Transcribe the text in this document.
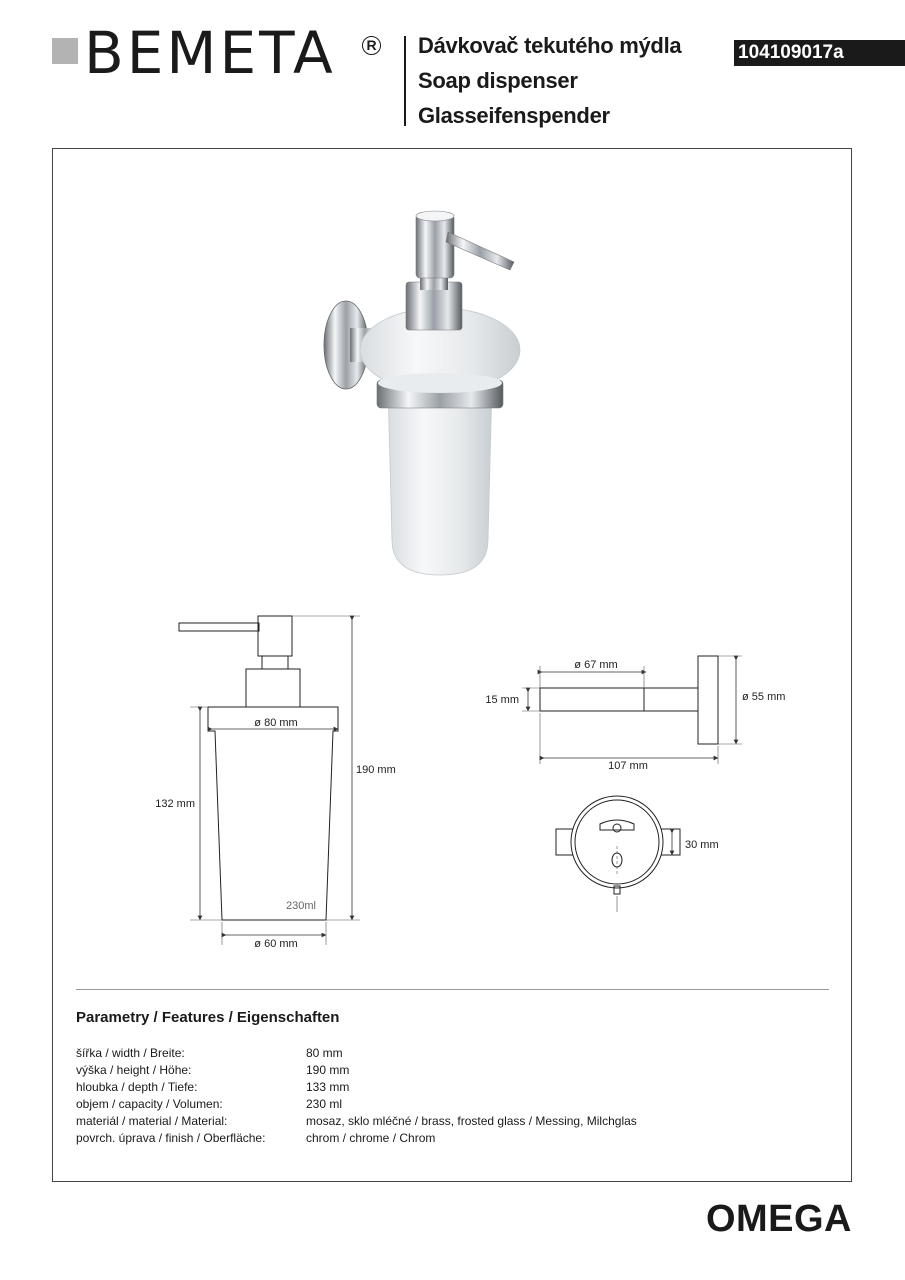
BEMETA	R Dávkovač tekutého mýdla
Soap dispenser
Glasseifenspender
104109017a
ø 80 mm
ø 60 mm
190 mm
132 mm
230ml
ø 67 mm
15 mm	ø 55 mm
107 mm
30 mm
Parametry / Features / Eigenschaften
šířka / width / Breite:	80 mm
výška / height / Höhe:	190 mm
hloubka / depth / Tiefe:	133 mm
objem / capacity / Volumen:	230 ml
materiál / material / Material:	mosaz, sklo mléčné / brass, frosted glass / Messing, Milchglas
povrch. úprava / finish / Oberfläche:	chrom / chrome / Chrom
OMEGA
